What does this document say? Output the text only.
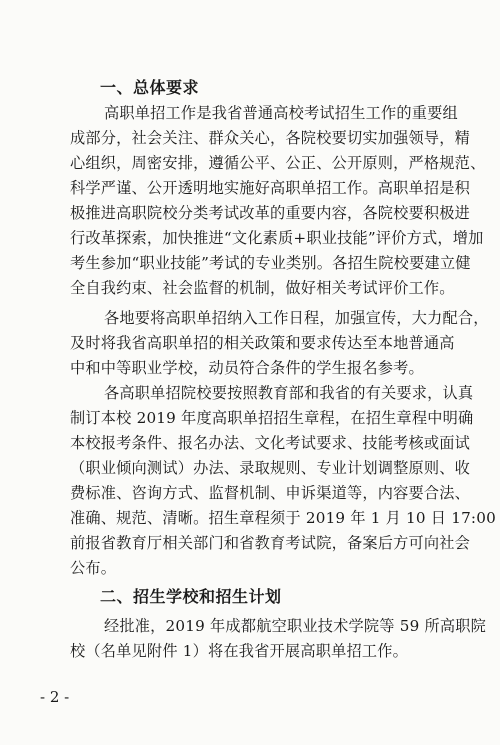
一、总体要求
高职单招工作是我省普通高校考试招生工作的重要组
成部分，社会关注、群众关心，各院校要切实加强领导，精
心组织，周密安排，遵循公平、公正、公开原则，严格规范、
科学严谨、公开透明地实施好高职单招工作。高职单招是积
极推进高职院校分类考试改革的重要内容，各院校要积极进
行改革探索，加快推进“文化素质+职业技能”评价方式，增加
考生参加“职业技能”考试的专业类别。各招生院校要建立健
全自我约束、社会监督的机制，做好相关考试评价工作。
各地要将高职单招纳入工作日程，加强宣传，大力配合，
及时将我省高职单招的相关政策和要求传达至本地普通高
中和中等职业学校，动员符合条件的学生报名参考。
各高职单招院校要按照教育部和我省的有关要求，认真
制订本校 2019 年度高职单招招生章程，在招生章程中明确
本校报考条件、报名办法、文化考试要求、技能考核或面试
（职业倾向测试）办法、录取规则、专业计划调整原则、收
费标准、咨询方式、监督机制、申诉渠道等，内容要合法、
准确、规范、清晰。招生章程须于 2019 年 1 月 10 日 17:00
前报省教育厅相关部门和省教育考试院，备案后方可向社会
公布。
二、招生学校和招生计划
经批准，2019 年成都航空职业技术学院等 59 所高职院
校（名单见附件 1）将在我省开展高职单招工作。
- 2 -
